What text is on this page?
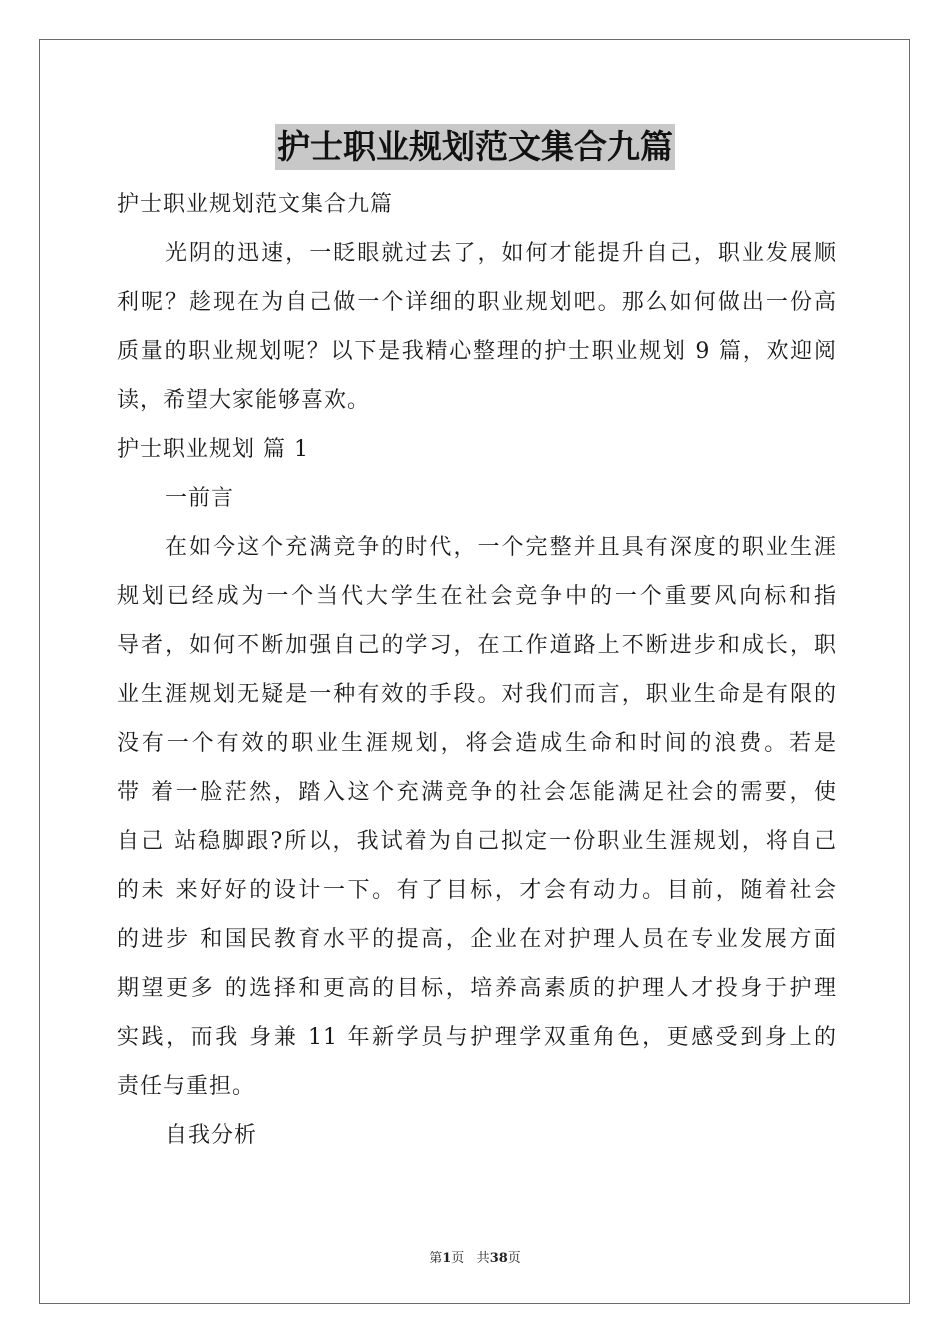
护士职业规划范文集合九篇
护士职业规划范文集合九篇
光阴的迅速，一眨眼就过去了，如何才能提升自己，职业发展顺
利呢？趁现在为自己做一个详细的职业规划吧。那么如何做出一份高
质量的职业规划呢？以下是我精心整理的护士职业规划 9 篇，欢迎阅
读，希望大家能够喜欢。
护士职业规划 篇 1
一前言
在如今这个充满竞争的时代，一个完整并且具有深度的职业生涯
规划已经成为一个当代大学生在社会竞争中的一个重要风向标和指
导者，如何不断加强自己的学习，在工作道路上不断进步和成长，职
业生涯规划无疑是一种有效的手段。对我们而言，职业生命是有限的
没有一个有效的职业生涯规划，将会造成生命和时间的浪费。若是
带 着一脸茫然，踏入这个充满竞争的社会怎能满足社会的需要，使
自己 站稳脚跟?所以，我试着为自己拟定一份职业生涯规划，将自己
的未 来好好的设计一下。有了目标，才会有动力。目前，随着社会
的进步 和国民教育水平的提高，企业在对护理人员在专业发展方面
期望更多 的选择和更高的目标，培养高素质的护理人才投身于护理
实践，而我 身兼 11 年新学员与护理学双重角色，更感受到身上的
责任与重担。
自我分析
第1页 共38页
